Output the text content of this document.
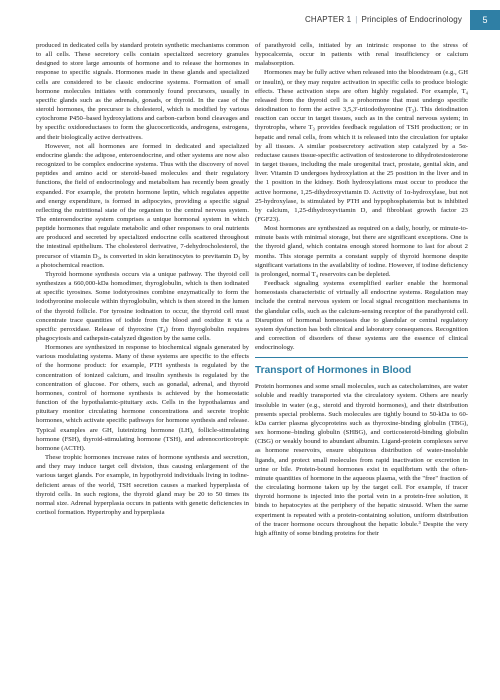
CHAPTER 1 | Principles of Endocrinology	5

produced in dedicated cells by standard protein synthetic mechanisms common to all cells. These secretory cells contain specialized secretory granules designed to store large amounts of hormone and to release the hormones in response to specific signals. Hormones made in these glands and specialized cells are considered to be classic endocrine systems. Formation of small hormone molecules initiates with commonly found precursors, usually in specific glands such as the adrenals, gonads, or thyroid. In the case of the steroid hormones, the precursor is cholesterol, which is modified by various cytochrome P450–based hydroxylations and carbon-carbon bond cleavages and by specific oxidoreductases to form the glucocorticoids, androgens, estrogens, and their biologically active derivatives.

However, not all hormones are formed in dedicated and specialized endocrine glands: the adipose, enteroendocrine, and other systems are now also recognized to be complex endocrine systems. Thus with the discovery of novel peptides and amino acid or steroid-based molecules and their regulatory functions, the field of endocrinology and metabolism has recently been greatly expanded. For example, the protein hormone leptin, which regulates appetite and energy expenditure, is formed in adipocytes, providing a specific signal reflecting the nutritional state of the organism to the central nervous system. The enteroendocrine system comprises a unique hormonal system in which peptide hormones that regulate metabolic and other responses to oral nutrients are produced and secreted by specialized endocrine cells scattered throughout the intestinal epithelium. The cholesterol derivative, 7-dehydrocholesterol, the precursor of vitamin D₃, is converted in skin keratinocytes to previtamin D₃ by a photochemical reaction.

Thyroid hormone synthesis occurs via a unique pathway. The thyroid cell synthesizes a 660,000-kDa homodimer, thyroglobulin, which is then iodinated at specific tyrosines. Some iodotyrosines combine enzymatically to form the iodothyronine molecule within thyroglobulin, which is then stored in the lumen of the thyroid follicle. For tyrosine iodination to occur, the thyroid cell must concentrate trace quantities of iodide from the blood and oxidize it via a specific peroxidase. Release of thyroxine (T₄) from thyroglobulin requires phagocytosis and cathepsin-catalyzed digestion by the same cells.

Hormones are synthesized in response to biochemical signals generated by various modulating systems. Many of these systems are specific to the effects of the hormone product: for example, PTH synthesis is regulated by the concentration of ionized calcium, and insulin synthesis is regulated by the concentration of glucose. For others, such as gonadal, adrenal, and thyroid hormones, control of hormone synthesis is achieved by the homeostatic function of the hypothalamic-pituitary axis. Cells in the hypothalamus and pituitary monitor circulating hormone concentrations and secrete trophic hormones, which activate specific pathways for hormone synthesis and release. Typical examples are GH, luteinizing hormone (LH), follicle-stimulating hormone (FSH), thyroid-stimulating hormone (TSH), and adrenocorticotropic hormone (ACTH).

These trophic hormones increase rates of hormone synthesis and secretion, and they may induce target cell division, thus causing enlargement of the various target glands. For example, in hypothyroid individuals living in iodine-deficient areas of the world, TSH secretion causes a marked hyperplasia of thyroid cells. In such regions, the thyroid gland may be 20 to 50 times its normal size. Adrenal hyperplasia occurs in patients with genetic deficiencies in cortisol formation. Hypertrophy and hyperplasia

of parathyroid cells, initiated by an intrinsic response to the stress of hypocalcemia, occur in patients with renal insufficiency or calcium malabsorption.

Hormones may be fully active when released into the bloodstream (e.g., GH or insulin), or they may require activation in specific cells to produce biologic effects. These activation steps are often highly regulated. For example, T₄ released from the thyroid cell is a prohormone that must undergo specific deiodination to form the active 3,5,3′-triiodothyronine (T₃). This deiodination reaction can occur in target tissues, such as in the central nervous system; in thyrotrophs, where T₃ provides feedback regulation of TSH production; or in hepatic and renal cells, from which it is released into the circulation for uptake by all tissues. A similar postsecretory activation step catalyzed by a 5α-reductase causes tissue-specific activation of testosterone to dihydrotestosterone in target tissues, including the male urogenital tract, prostate, genital skin, and liver. Vitamin D undergoes hydroxylation at the 25 position in the liver and in the 1 position in the kidney. Both hydroxylations must occur to produce the active hormone, 1,25-dihydroxyvitamin D. Activity of 1α-hydroxylase, but not 25-hydroxylase, is stimulated by PTH and hypophosphatemia but is inhibited by calcium, 1,25-dihydroxyvitamin D, and fibroblast growth factor 23 (FGF23).

Most hormones are synthesized as required on a daily, hourly, or minute-to-minute basis with minimal storage, but there are significant exceptions. One is the thyroid gland, which contains enough stored hormone to last for about 2 months. This storage permits a constant supply of thyroid hormone despite significant variations in the availability of iodine. However, if iodine deficiency is prolonged, normal T₄ reservoirs can be depleted.

Feedback signaling systems exemplified earlier enable the hormonal homeostasis characteristic of virtually all endocrine systems. Regulation may include the central nervous system or local signal recognition mechanisms in the glandular cells, such as the calcium-sensing receptor of the parathyroid cell. Disruption of hormonal homeostasis due to glandular or central regulatory system dysfunction has both clinical and laboratory consequences. Recognition and correction of disorders of these systems are the essence of clinical endocrinology.

Transport of Hormones in Blood

Protein hormones and some small molecules, such as catecholamines, are water soluble and readily transported via the circulatory system. Others are nearly insoluble in water (e.g., steroid and thyroid hormones), and their distribution presents special problems. Such molecules are tightly bound to 50-kDa to 60-kDa carrier plasma glycoproteins such as thyroxine-binding globulin (TBG), sex hormone–binding globulin (SHBG), and corticosteroid-binding globulin (CBG) or weakly bound to abundant albumin. Ligand-protein complexes serve as hormone reservoirs, ensure ubiquitous distribution of water-insoluble ligands, and protect small molecules from rapid inactivation or excretion in urine or bile. Protein-bound hormones exist in equilibrium with the often-minute quantities of hormone in the aqueous plasma, with the "free" fraction of the circulating hormone taken up by the target cell. For example, if tracer thyroid hormone is injected into the portal vein in a protein-free solution, it binds to hepatocytes at the periphery of the hepatic sinusoid. When the same experiment is repeated with a protein-containing solution, uniform distribution of the tracer hormone occurs throughout the hepatic lobule.³ Despite the very high affinity of some binding proteins for their
